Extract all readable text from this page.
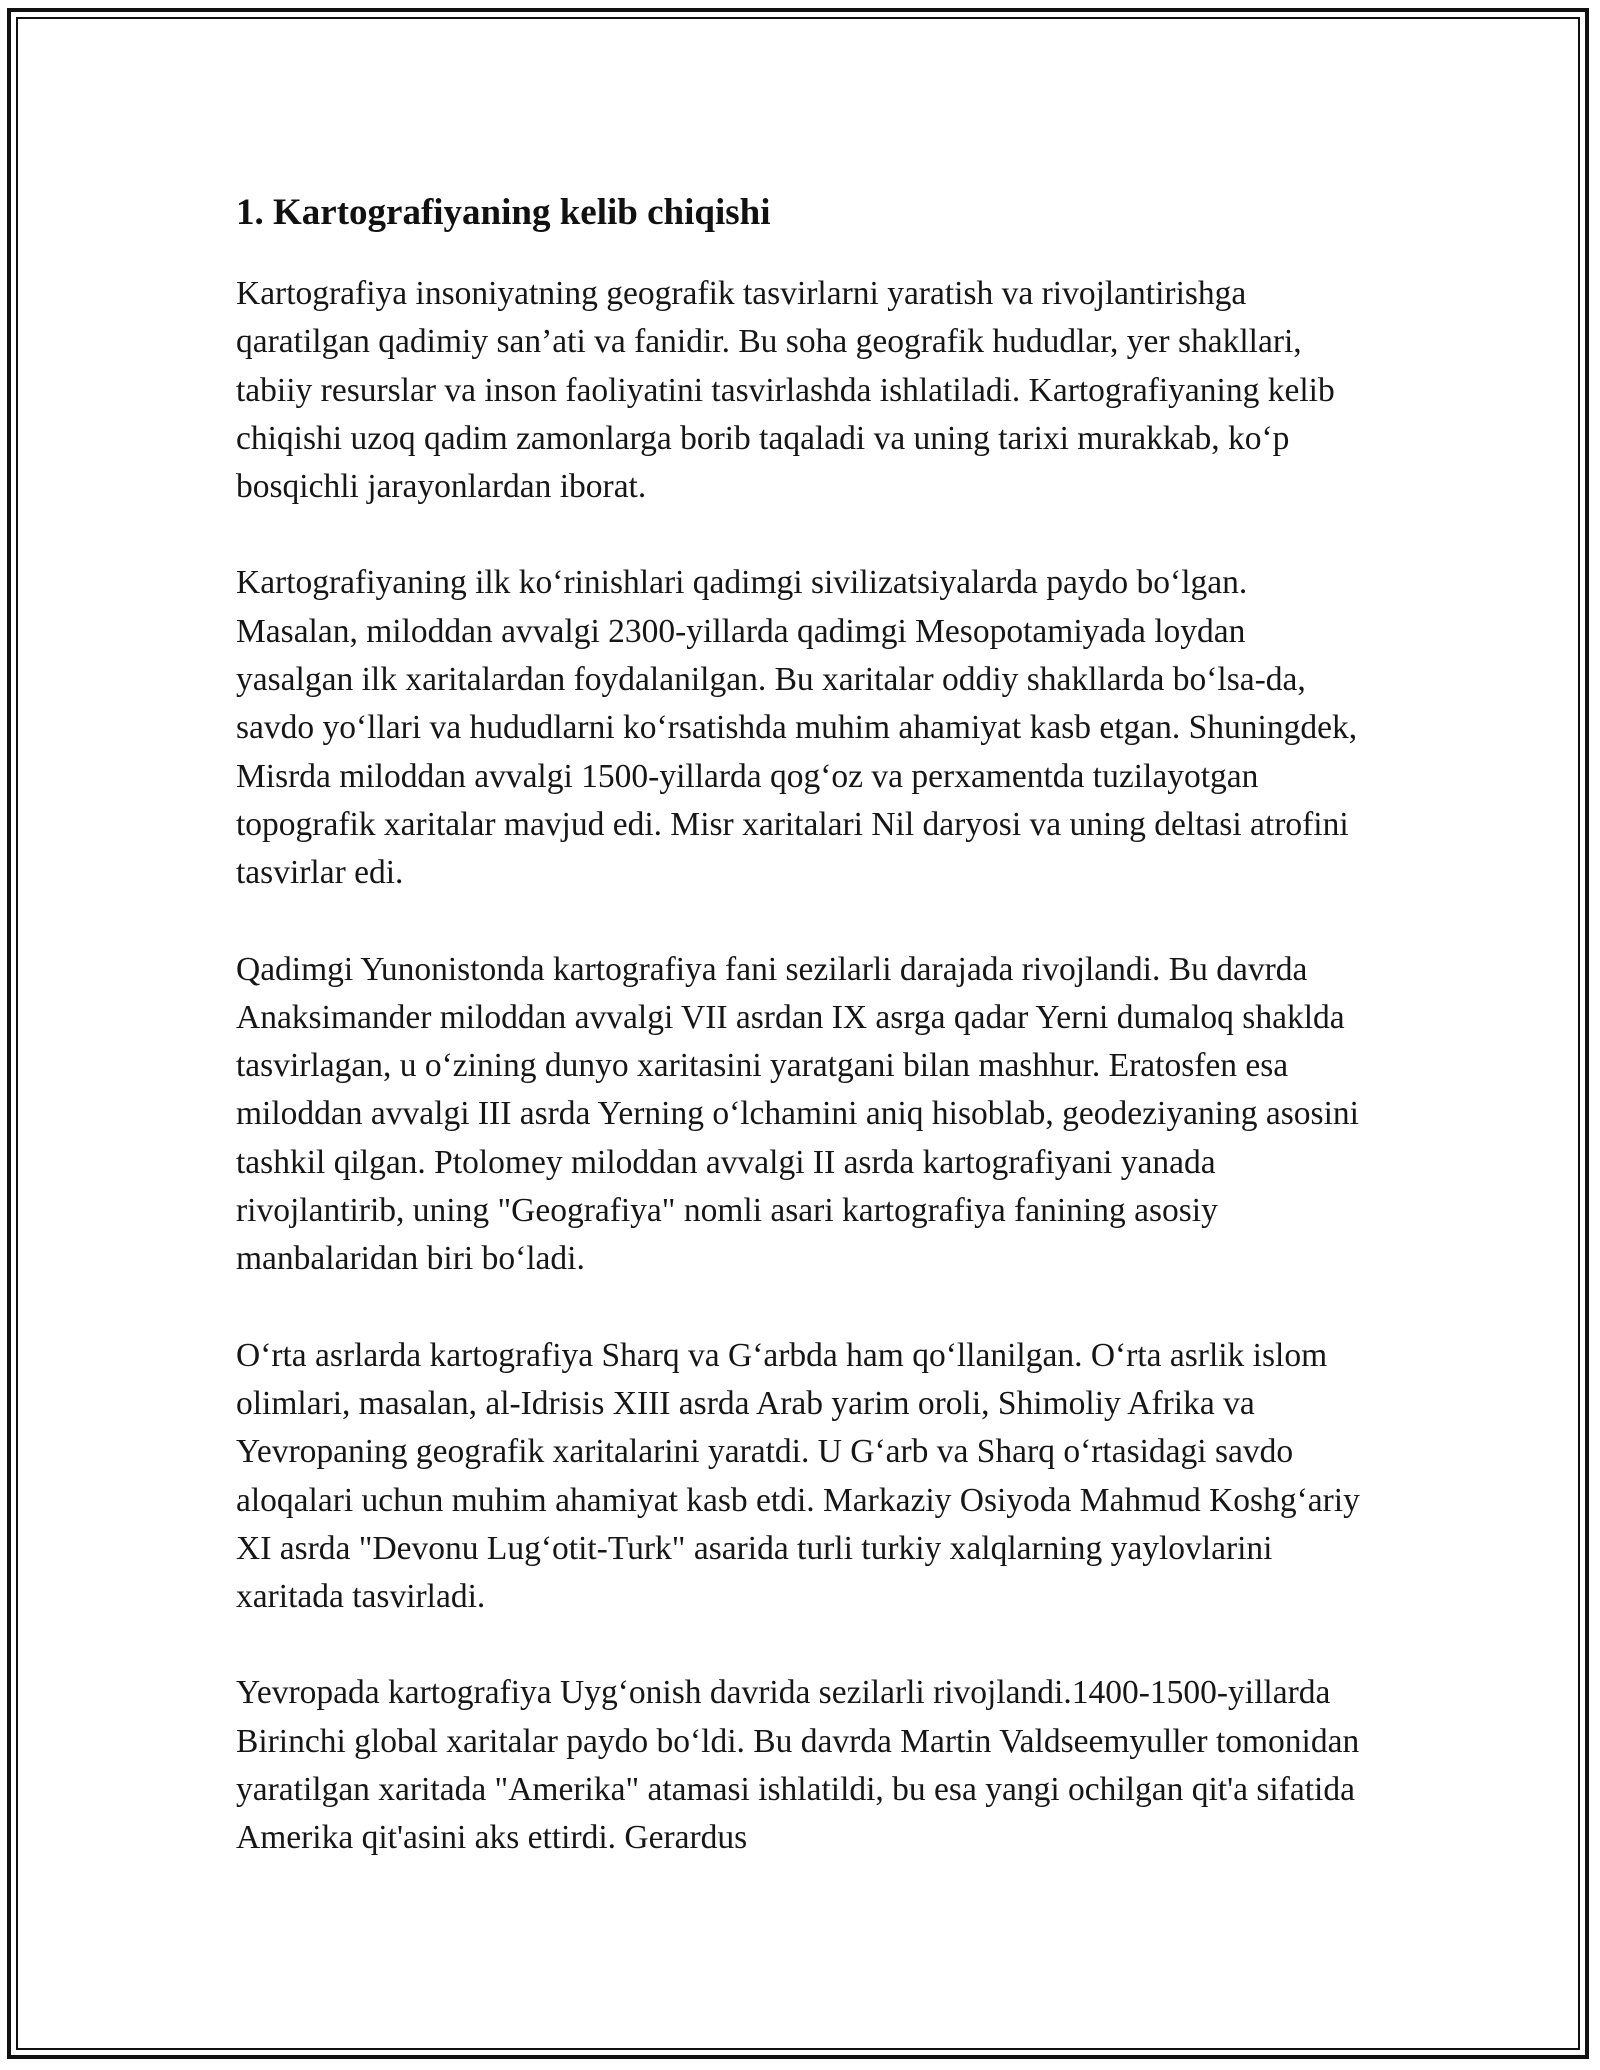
1. Kartografiyaning kelib chiqishi

Kartografiya insoniyatning geografik tasvirlarni yaratish va rivojlantirishga qaratilgan qadimiy san’ati va fanidir. Bu soha geografik hududlar, yer shakllari, tabiiy resurslar va inson faoliyatini tasvirlashda ishlatiladi. Kartografiyaning kelib chiqishi uzoq qadim zamonlarga borib taqaladi va uning tarixi murakkab, ko‘p bosqichli jarayonlardan iborat.

Kartografiyaning ilk ko‘rinishlari qadimgi sivilizatsiyalarda paydo bo‘lgan. Masalan, miloddan avvalgi 2300-yillarda qadimgi Mesopotamiyada loydan yasalgan ilk xaritalardan foydalanilgan. Bu xaritalar oddiy shakllarda bo‘lsa-da, savdo yo‘llari va hududlarni ko‘rsatishda muhim ahamiyat kasb etgan. Shuningdek, Misrda miloddan avvalgi 1500-yillarda qog‘oz va perxamentda tuzilayotgan topografik xaritalar mavjud edi. Misr xaritalari Nil daryosi va uning deltasi atrofini tasvirlar edi.

Qadimgi Yunonistonda kartografiya fani sezilarli darajada rivojlandi. Bu davrda Anaksimander miloddan avvalgi VII asrdan IX asrga qadar Yerni dumaloq shaklda tasvirlagan, u o‘zining dunyo xaritasini yaratgani bilan mashhur. Eratosfen esa miloddan avvalgi III asrda Yerning o‘lchamini aniq hisoblab, geodeziyaning asosini tashkil qilgan. Ptolomey miloddan avvalgi II asrda kartografiyani yanada rivojlantirib, uning "Geografiya" nomli asari kartografiya fanining asosiy manbalaridan biri bo‘ladi.

O‘rta asrlarda kartografiya Sharq va G‘arbda ham qo‘llanilgan. O‘rta asrlik islom olimlari, masalan, al-Idrisis XIII asrda Arab yarim oroli, Shimoliy Afrika va Yevropaning geografik xaritalarini yaratdi. U G‘arb va Sharq o‘rtasidagi savdo aloqalari uchun muhim ahamiyat kasb etdi. Markaziy Osiyoda Mahmud Koshg‘ariy XI asrda "Devonu Lug‘otit-Turk" asarida turli turkiy xalqlarning yaylovlarini xaritada tasvirladi.

Yevropada kartografiya Uyg‘onish davrida sezilarli rivojlandi.1400-1500-yillarda Birinchi global xaritalar paydo bo‘ldi. Bu davrda Martin Valdseemyuller tomonidan yaratilgan xaritada "Amerika" atamasi ishlatildi, bu esa yangi ochilgan qit'a sifatida Amerika qit'asini aks ettirdi. Gerardus
